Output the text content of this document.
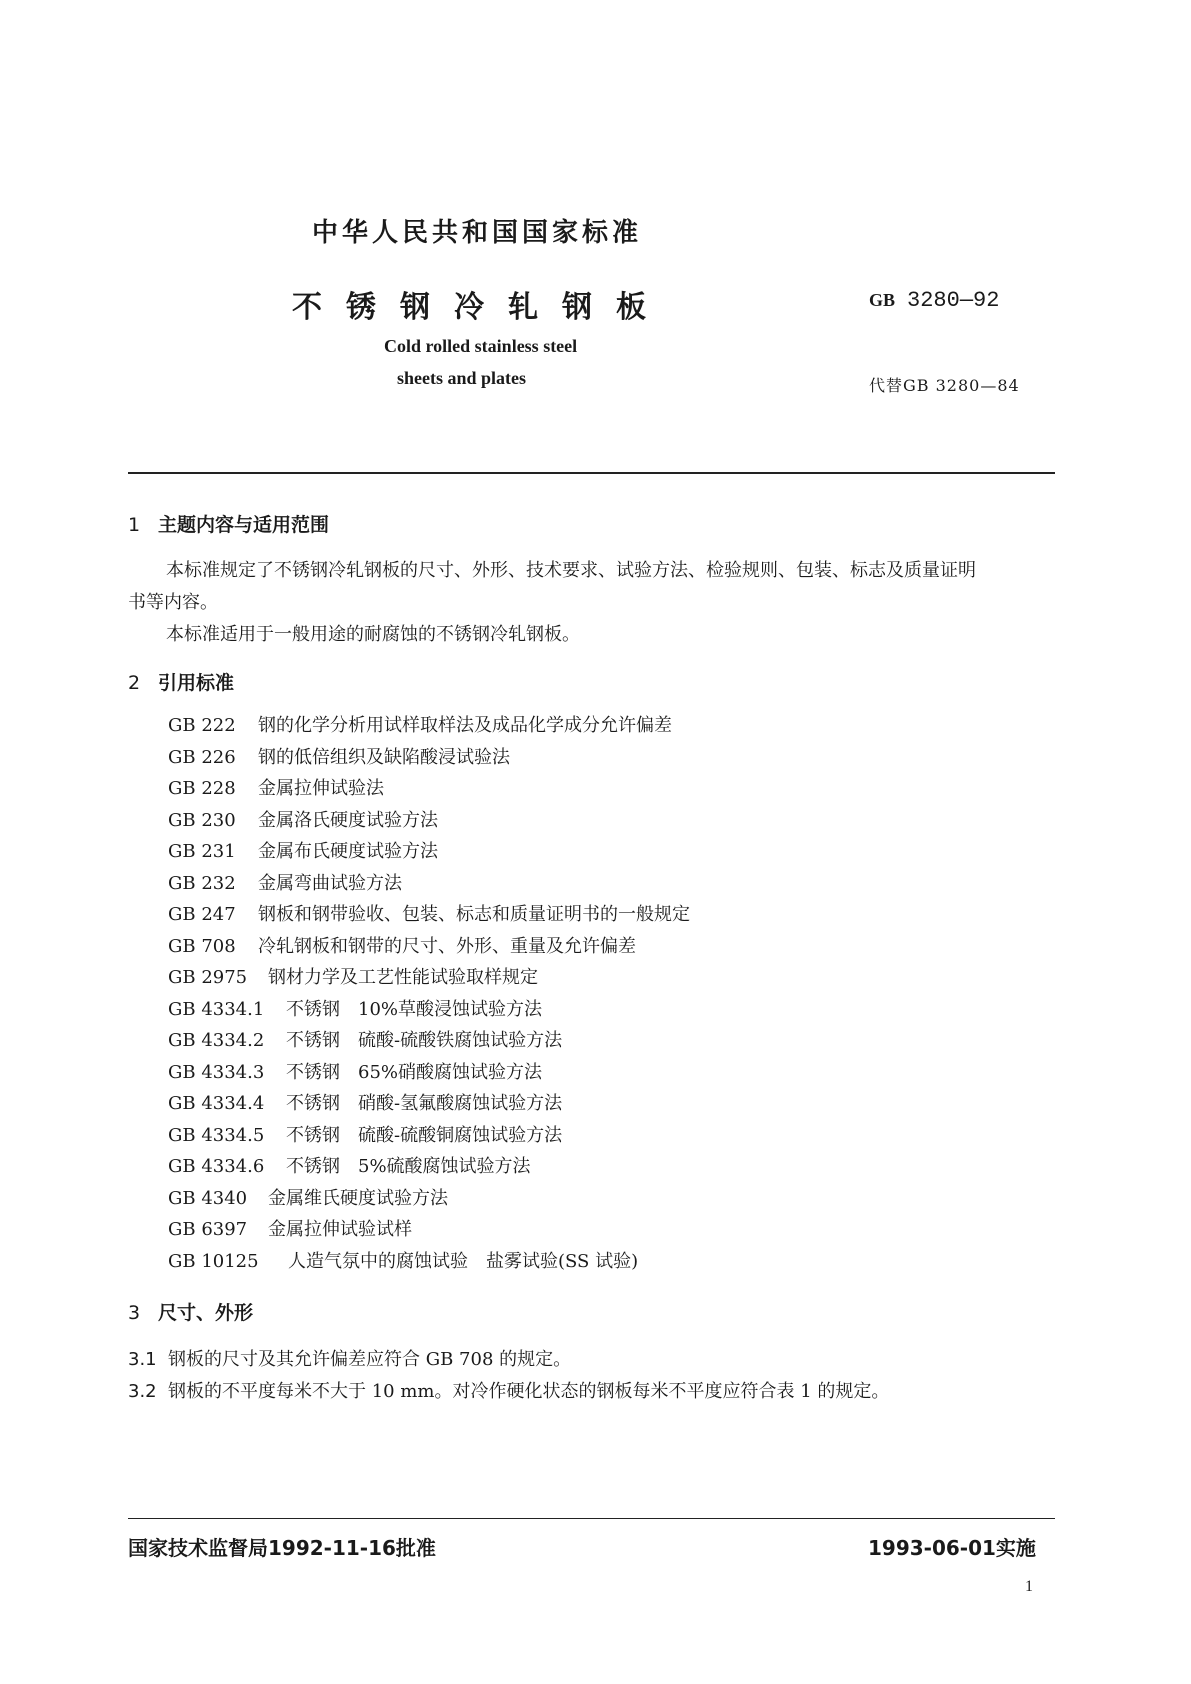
中华人民共和国国家标准
不锈钢冷轧钢板
Cold rolled stainless steel
sheets and plates
GB 3280—92
代替GB 3280—84
1 主题内容与适用范围
本标准规定了不锈钢冷轧钢板的尺寸、外形、技术要求、试验方法、检验规则、包装、标志及质量证明
书等内容。
本标准适用于一般用途的耐腐蚀的不锈钢冷轧钢板。
2 引用标准
GB 222 钢的化学分析用试样取样法及成品化学成分允许偏差
GB 226 钢的低倍组织及缺陷酸浸试验法
GB 228 金属拉伸试验法
GB 230 金属洛氏硬度试验方法
GB 231 金属布氏硬度试验方法
GB 232 金属弯曲试验方法
GB 247 钢板和钢带验收、包装、标志和质量证明书的一般规定
GB 708 冷轧钢板和钢带的尺寸、外形、重量及允许偏差
GB 2975 钢材力学及工艺性能试验取样规定
GB 4334.1 不锈钢　10%草酸浸蚀试验方法
GB 4334.2 不锈钢　硫酸-硫酸铁腐蚀试验方法
GB 4334.3 不锈钢　65%硝酸腐蚀试验方法
GB 4334.4 不锈钢　硝酸-氢氟酸腐蚀试验方法
GB 4334.5 不锈钢　硫酸-硫酸铜腐蚀试验方法
GB 4334.6 不锈钢　5%硫酸腐蚀试验方法
GB 4340 金属维氏硬度试验方法
GB 6397 金属拉伸试验试样
GB 10125 人造气氛中的腐蚀试验　盐雾试验(SS 试验)
3 尺寸、外形
3.1 钢板的尺寸及其允许偏差应符合 GB 708 的规定。
3.2 钢板的不平度每米不大于 10 mm。对冷作硬化状态的钢板每米不平度应符合表 1 的规定。
国家技术监督局1992-11-16批准	1993-06-01实施
1
